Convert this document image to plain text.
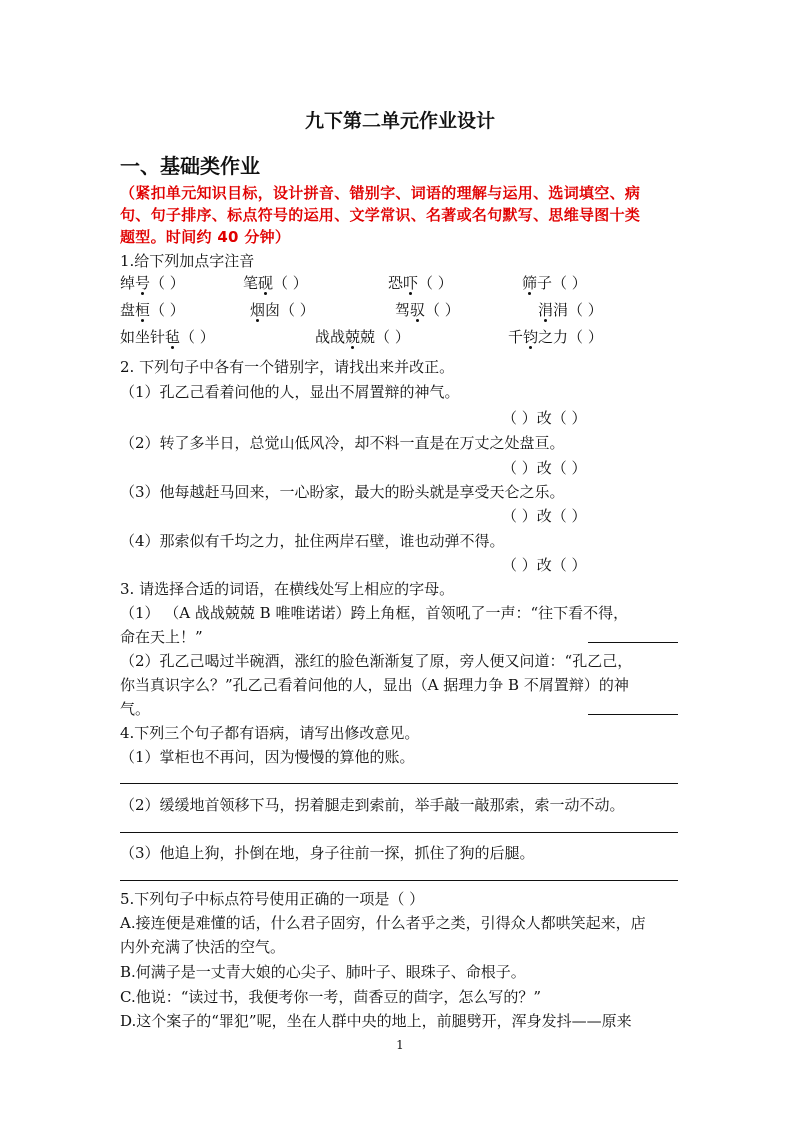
九下第二单元作业设计
一、基础类作业
（紧扣单元知识目标，设计拼音、错别字、词语的理解与运用、选词填空、病
句、句子排序、标点符号的运用、文学常识、名著或名句默写、思维导图十类
题型。时间约 40 分钟）
1.给下列加点字注音
绰号（ ）	笔砚（ ）	恐吓（ ）	筛子（ ）
盘桓（ ）	烟囱（ ）	驾驭（ ）	涓涓（ ）
如坐针毡（ ）	战战兢兢（ ）	千钧之力（ ）
2. 下列句子中各有一个错别字，请找出来并改正。
（1）孔乙己看着问他的人，显出不屑置辩的神气。
（ ）改（ ）
（2）转了多半日，总觉山低风冷，却不料一直是在万丈之处盘亘。
（ ）改（ ）
（3）他每越赶马回来，一心盼家，最大的盼头就是享受天仑之乐。
（ ）改（ ）
（4）那索似有千均之力，扯住两岸石壁，谁也动弹不得。
（ ）改（ ）
3. 请选择合适的词语，在横线处写上相应的字母。
（1） （A 战战兢兢 B 唯唯诺诺）跨上角框，首领吼了一声：“往下看不得，
命在天上！”
（2）孔乙己喝过半碗酒，涨红的脸色渐渐复了原，旁人便又问道：“孔乙己，
你当真识字么？”孔乙己看着问他的人，显出（A 据理力争 B 不屑置辩）的神
气。
4.下列三个句子都有语病，请写出修改意见。
（1）掌柜也不再问，因为慢慢的算他的账。
（2）缓缓地首领移下马，拐着腿走到索前，举手敲一敲那索，索一动不动。
（3）他追上狗，扑倒在地，身子往前一探，抓住了狗的后腿。
5.下列句子中标点符号使用正确的一项是（ ）
A.接连便是难懂的话，什么君子固穷，什么者乎之类，引得众人都哄笑起来，店
内外充满了快活的空气。
B.何满子是一丈青大娘的心尖子、肺叶子、眼珠子、命根子。
C.他说：“读过书，我便考你一考，茴香豆的茴字，怎么写的？”
D.这个案子的“罪犯”呢，坐在人群中央的地上，前腿劈开，浑身发抖——原来
1
